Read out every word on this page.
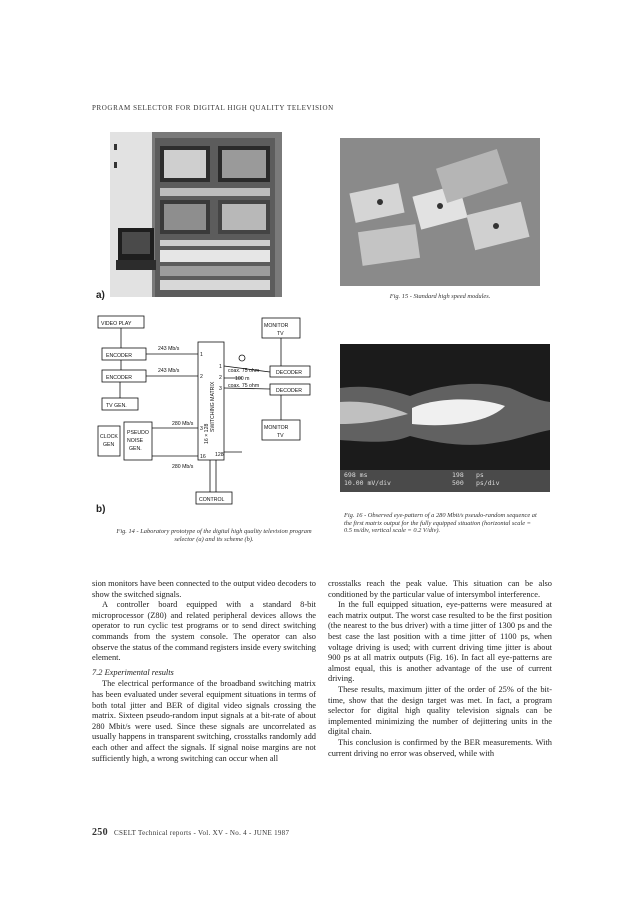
PROGRAM SELECTOR FOR DIGITAL HIGH QUALITY TELEVISION
a)	Fig. 15 - Standard high speed modules.
VIDEO PLAY
ENCODER
ENCODER
TV GEN.
CLOCK
GEN
PSEUDO
NOISE
GEN.
243 Mb/s
243 Mb/s
280 Mb/s
280 Mb/s
1
2
3
16
1
2
3
128
SWITCHING MATRIX
16 × 128
coax. 75 ohm
100 m
coax. 75 ohm
DECODER
DECODER
MONITOR
TV
MONITOR
TV
CONTROL
b)
Fig. 14 - Laboratory prototype of the digital high quality television program selector (a) and its scheme (b).
698 ms
10.00 mV/div
198
500
ps
ps/div
Fig. 16 - Observed eye-pattern of a 280 Mbit/s pseudo-random sequence at the first matrix output for the fully equipped situation (horizontal scale = 0.5 ns/div, vertical scale = 0.2 V/div).

sion monitors have been connected to the output video decoders to show the switched signals.

A controller board equipped with a standard 8-bit microprocessor (Z80) and related peripheral devices allows the operator to run cyclic test programs or to send direct switching commands from the system console. The operator can also observe the status of the command registers inside every switching element.

7.2 Experimental results

The electrical performance of the broadband switching matrix has been evaluated under several equipment situations in terms of both total jitter and BER of digital video signals crossing the matrix. Sixteen pseudo-random input signals at a bit-rate of about 280 Mbit/s were used. Since these signals are uncorrelated as usually happens in transparent switching, crosstalks randomly add each other and affect the signals. If signal noise margins are not sufficiently high, a wrong switching can occur when all

crosstalks reach the peak value. This situation can be also conditioned by the particular value of intersymbol interference.

In the full equipped situation, eye-patterns were measured at each matrix output. The worst case resulted to be the first position (the nearest to the bus driver) with a time jitter of 1300 ps and the best case the last position with a time jitter of 1100 ps, when voltage driving is used; with current driving time jitter is about 900 ps at all matrix outputs (Fig. 16). In fact all eye-patterns are almost equal, this is another advantage of the use of current driving.

These results, maximum jitter of the order of 25% of the bit-time, show that the design target was met. In fact, a program selector for digital high quality television signals can be implemented minimizing the number of dejittering units in the digital chain.

This conclusion is confirmed by the BER measurements. With current driving no error was observed, while with

250 CSELT Technical reports - Vol. XV - No. 4 - JUNE 1987
